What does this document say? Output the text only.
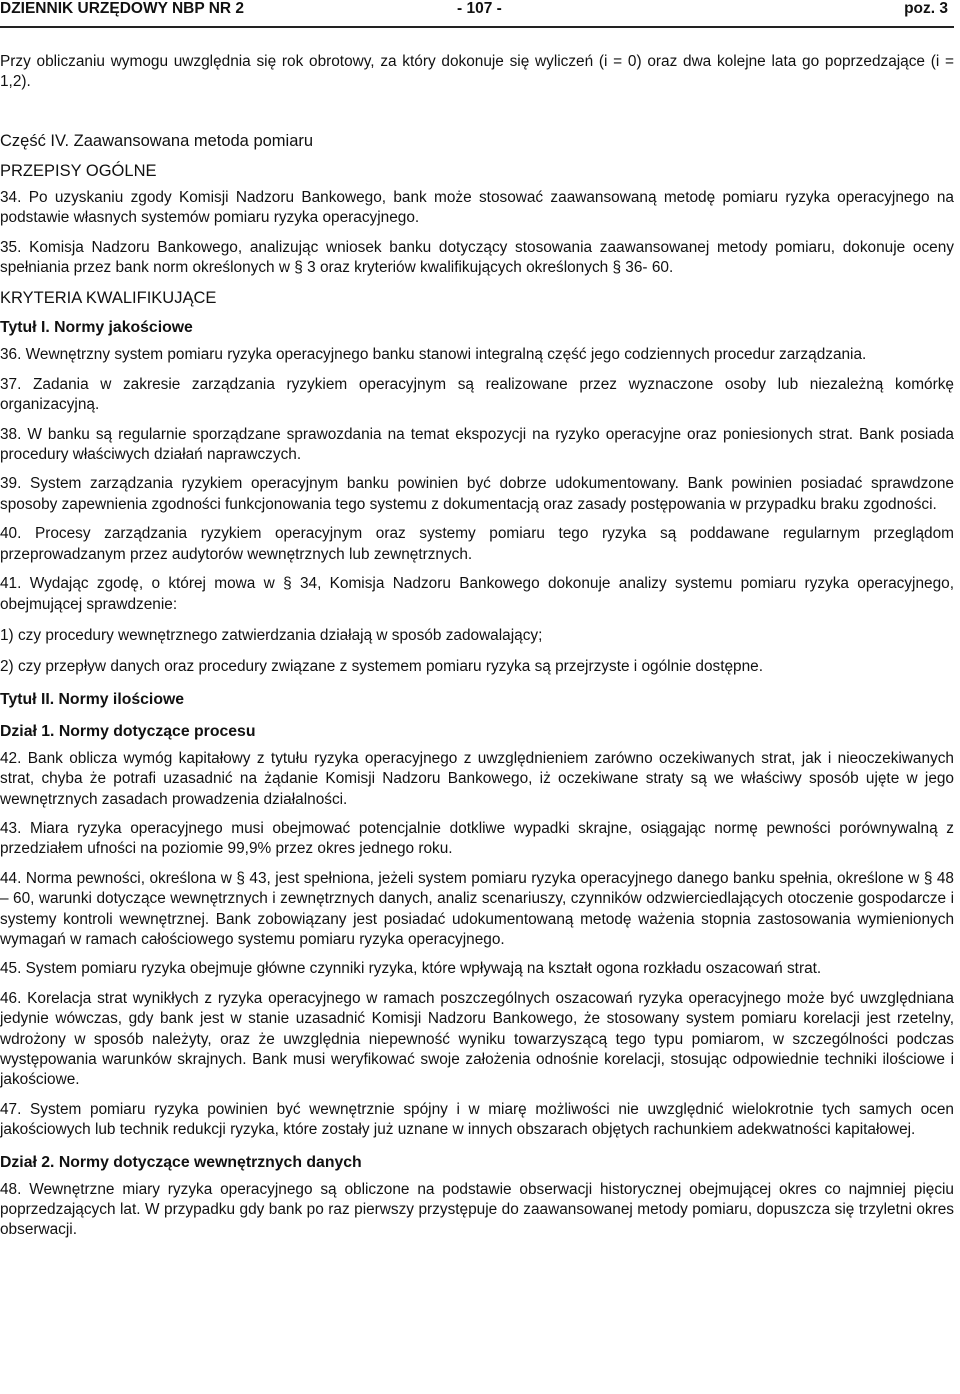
DZIENNIK URZĘDOWY NBP NR 2	- 107 -	poz. 3

Przy obliczaniu wymogu uwzględnia się rok obrotowy, za który dokonuje się wyliczeń (i = 0) oraz dwa kolejne lata go poprzedzające (i = 1,2).

Część IV. Zaawansowana metoda pomiaru
PRZEPISY OGÓLNE

34. Po uzyskaniu zgody Komisji Nadzoru Bankowego, bank może stosować zaawansowaną metodę pomiaru ryzyka operacyjnego na podstawie własnych systemów pomiaru ryzyka operacyjnego.

35. Komisja Nadzoru Bankowego, analizując wniosek banku dotyczący stosowania zaawansowanej metody pomiaru, dokonuje oceny spełniania przez bank norm określonych w § 3 oraz kryteriów kwalifikujących określonych § 36- 60.

KRYTERIA KWALIFIKUJĄCE
Tytuł I. Normy jakościowe

36. Wewnętrzny system pomiaru ryzyka operacyjnego banku stanowi integralną część jego codziennych procedur zarządzania.

37. Zadania w zakresie zarządzania ryzykiem operacyjnym są realizowane przez wyznaczone osoby lub niezależną komórkę organizacyjną.

38. W banku są regularnie sporządzane sprawozdania na temat ekspozycji na ryzyko operacyjne oraz poniesionych strat. Bank posiada procedury właściwych działań naprawczych.

39. System zarządzania ryzykiem operacyjnym banku powinien być dobrze udokumentowany. Bank powinien posiadać sprawdzone sposoby zapewnienia zgodności funkcjonowania tego systemu z dokumentacją oraz zasady postępowania w przypadku braku zgodności.

40. Procesy zarządzania ryzykiem operacyjnym oraz systemy pomiaru tego ryzyka są poddawane regularnym przeglądom przeprowadzanym przez audytorów wewnętrznych lub zewnętrznych.

41. Wydając zgodę, o której mowa w § 34, Komisja Nadzoru Bankowego dokonuje analizy systemu pomiaru ryzyka operacyjnego, obejmującej sprawdzenie:

1) czy procedury wewnętrznego zatwierdzania działają w sposób zadowalający;

2) czy przepływ danych oraz procedury związane z systemem pomiaru ryzyka są przejrzyste i ogólnie dostępne.

Tytuł II. Normy ilościowe
Dział 1. Normy dotyczące procesu

42. Bank oblicza wymóg kapitałowy z tytułu ryzyka operacyjnego z uwzględnieniem zarówno oczekiwanych strat, jak i nieoczekiwanych strat, chyba że potrafi uzasadnić na żądanie Komisji Nadzoru Bankowego, iż oczekiwane straty są we właściwy sposób ujęte w jego wewnętrznych zasadach prowadzenia działalności.

43. Miara ryzyka operacyjnego musi obejmować potencjalnie dotkliwe wypadki skrajne, osiągając normę pewności porównywalną z przedziałem ufności na poziomie 99,9% przez okres jednego roku.

44. Norma pewności, określona w § 43, jest spełniona, jeżeli system pomiaru ryzyka operacyjnego danego banku spełnia, określone w § 48 – 60, warunki dotyczące wewnętrznych i zewnętrznych danych, analiz scenariuszy, czynników odzwierciedlających otoczenie gospodarcze i systemy kontroli wewnętrznej. Bank zobowiązany jest posiadać udokumentowaną metodę ważenia stopnia zastosowania wymienionych wymagań w ramach całościowego systemu pomiaru ryzyka operacyjnego.

45. System pomiaru ryzyka obejmuje główne czynniki ryzyka, które wpływają na kształt ogona rozkładu oszacowań strat.

46. Korelacja strat wynikłych z ryzyka operacyjnego w ramach poszczególnych oszacowań ryzyka operacyjnego może być uwzględniana jedynie wówczas, gdy bank jest w stanie uzasadnić Komisji Nadzoru Bankowego, że stosowany system pomiaru korelacji jest rzetelny, wdrożony w sposób należyty, oraz że uwzględnia niepewność wyniku towarzyszącą tego typu pomiarom, w szczególności podczas występowania warunków skrajnych. Bank musi weryfikować swoje założenia odnośnie korelacji, stosując odpowiednie techniki ilościowe i jakościowe.

47. System pomiaru ryzyka powinien być wewnętrznie spójny i w miarę możliwości nie uwzględnić wielokrotnie tych samych ocen jakościowych lub technik redukcji ryzyka, które zostały już uznane w innych obszarach objętych rachunkiem adekwatności kapitałowej.

Dział 2. Normy dotyczące wewnętrznych danych

48. Wewnętrzne miary ryzyka operacyjnego są obliczone na podstawie obserwacji historycznej obejmującej okres co najmniej pięciu poprzedzających lat. W przypadku gdy bank po raz pierwszy przystępuje do zaawansowanej metody pomiaru, dopuszcza się trzyletni okres obserwacji.
